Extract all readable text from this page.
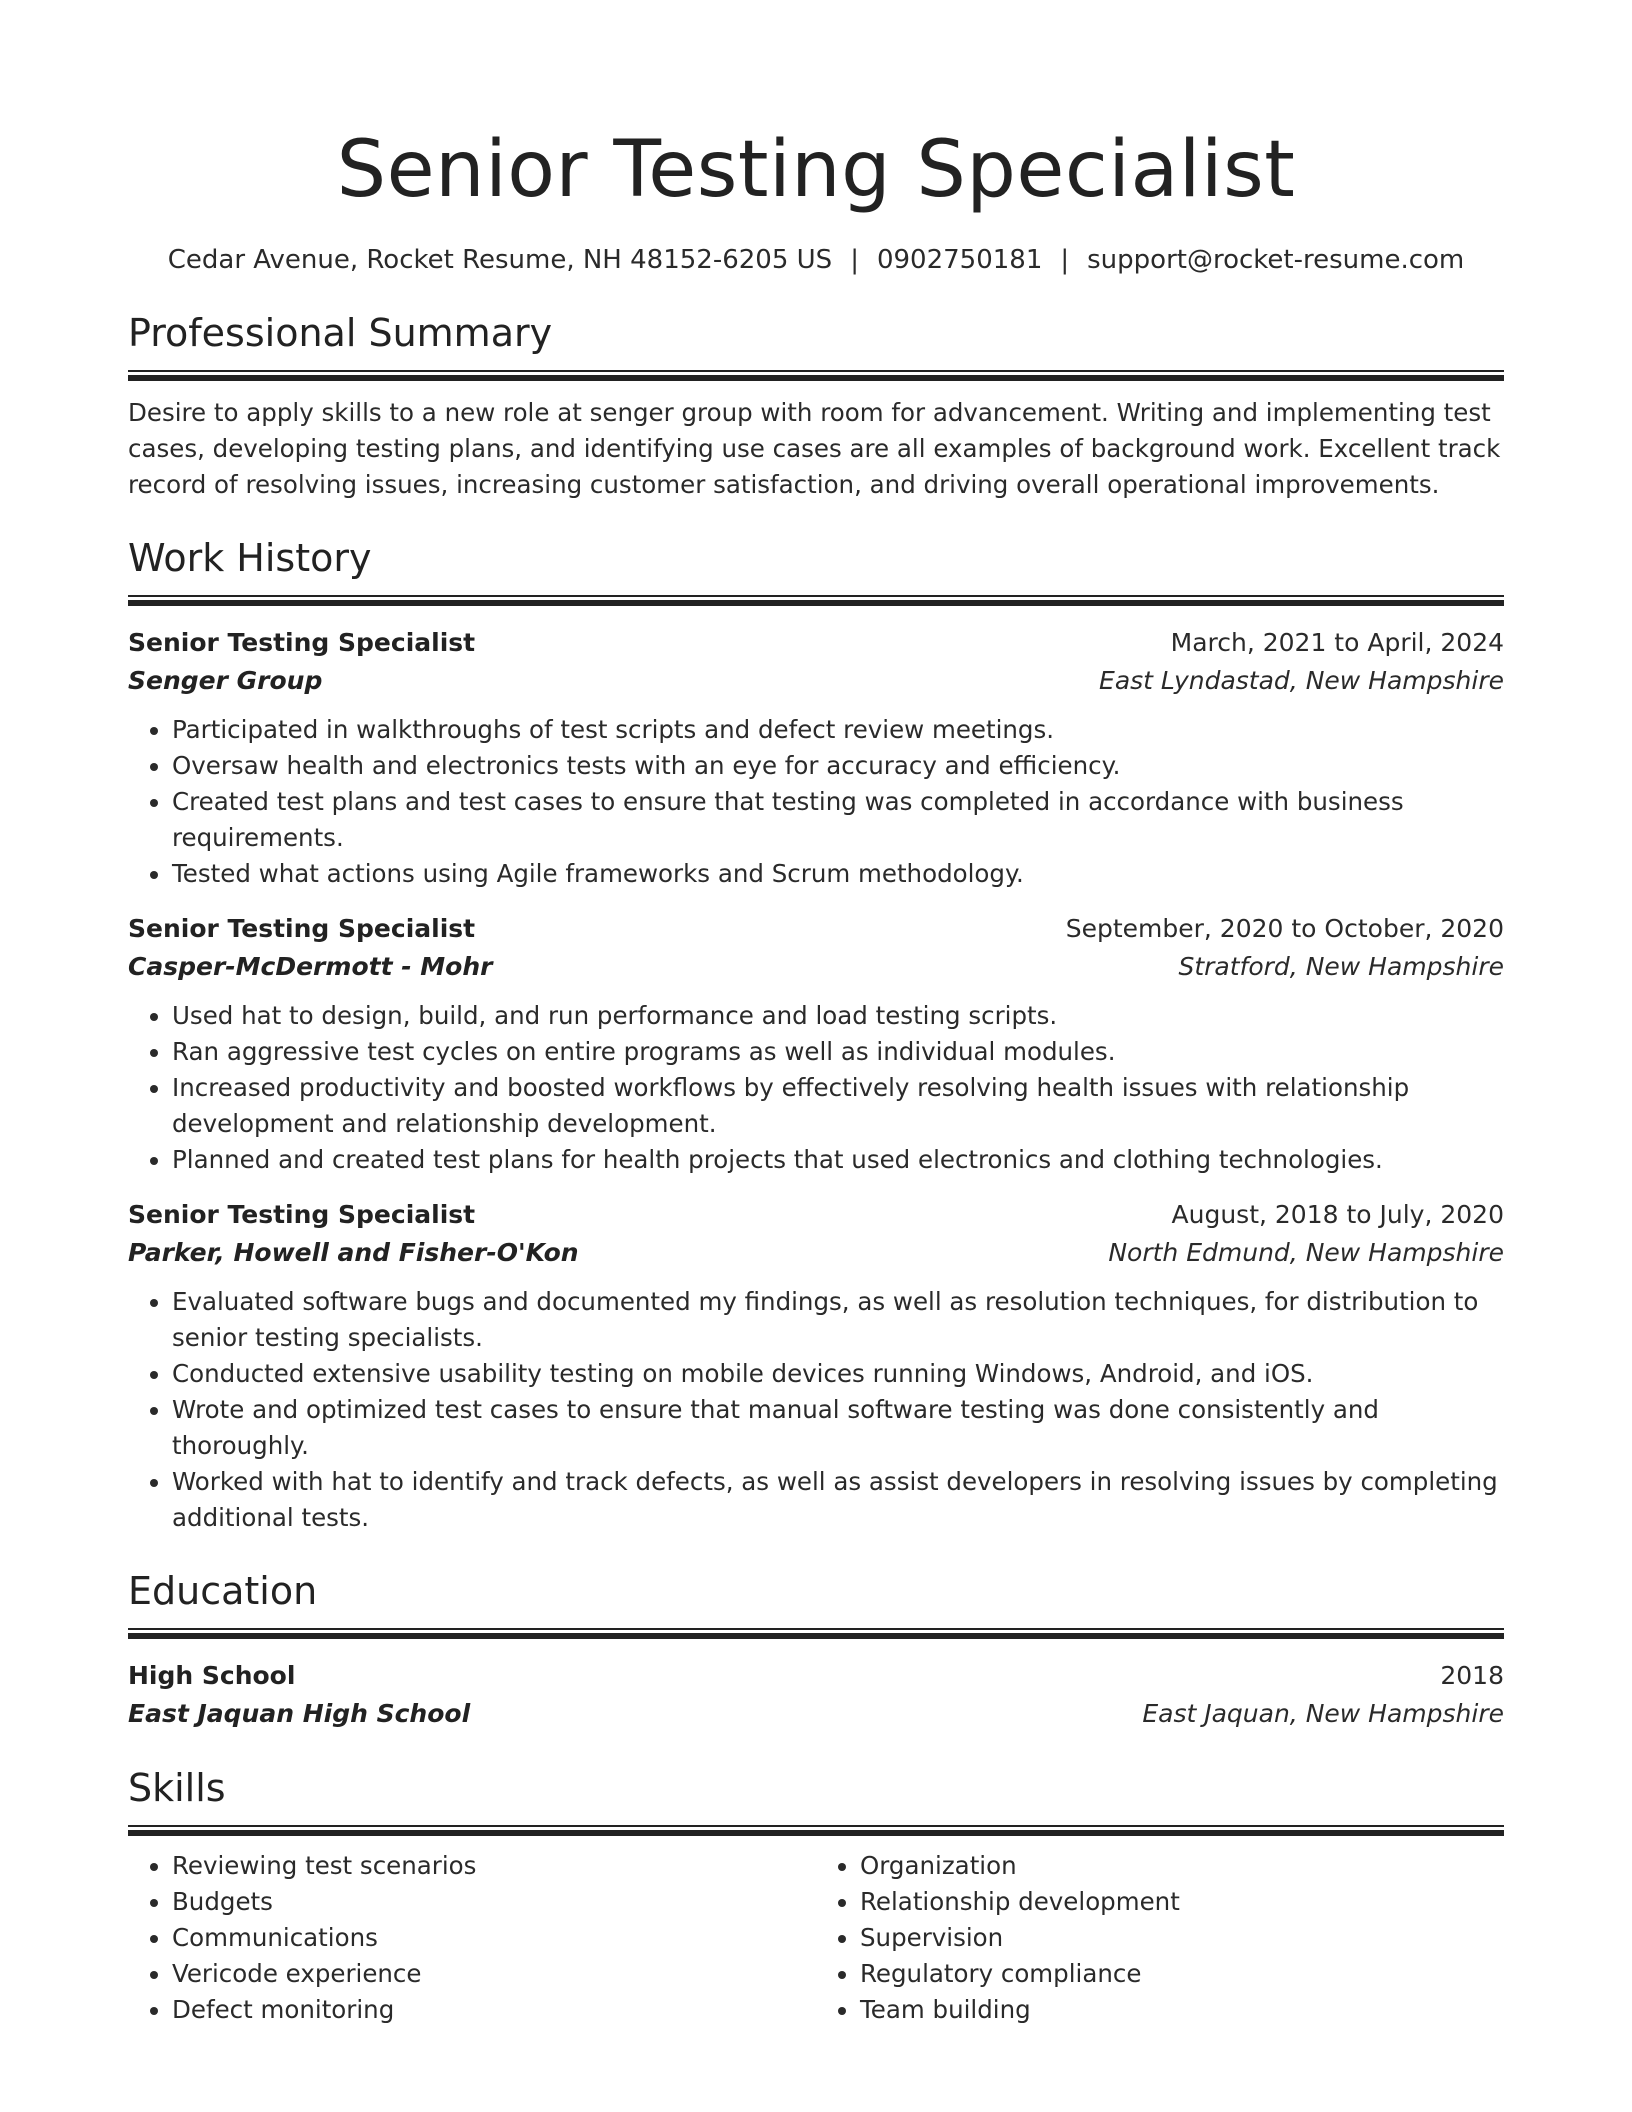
Senior Testing Specialist
Cedar Avenue, Rocket Resume, NH 48152-6205 US | 0902750181 | support@rocket-resume.com
Professional Summary

Desire to apply skills to a new role at senger group with room for advancement. Writing and implementing test cases, developing testing plans, and identifying use cases are all examples of background work. Excellent track record of resolving issues, increasing customer satisfaction, and driving overall operational improvements.

Work History
Senior Testing Specialist	March, 2021 to April, 2024
Senger Group	East Lyndastad, New Hampshire
• Participated in walkthroughs of test scripts and defect review meetings.
• Oversaw health and electronics tests with an eye for accuracy and efficiency.
• Created test plans and test cases to ensure that testing was completed in accordance with business requirements.
• Tested what actions using Agile frameworks and Scrum methodology.
Senior Testing Specialist	September, 2020 to October, 2020
Casper-McDermott - Mohr	Stratford, New Hampshire
• Used hat to design, build, and run performance and load testing scripts.
• Ran aggressive test cycles on entire programs as well as individual modules.
• Increased productivity and boosted workflows by effectively resolving health issues with relationship development and relationship development.
• Planned and created test plans for health projects that used electronics and clothing technologies.
Senior Testing Specialist	August, 2018 to July, 2020
Parker, Howell and Fisher-O'Kon	North Edmund, New Hampshire
• Evaluated software bugs and documented my findings, as well as resolution techniques, for distribution to senior testing specialists.
• Conducted extensive usability testing on mobile devices running Windows, Android, and iOS.
• Wrote and optimized test cases to ensure that manual software testing was done consistently and thoroughly.
• Worked with hat to identify and track defects, as well as assist developers in resolving issues by completing additional tests.
Education
High School	2018
East Jaquan High School	East Jaquan, New Hampshire
Skills
• Reviewing test scenarios
• Budgets
• Communications
• Vericode experience
• Defect monitoring
• Organization
• Relationship development
• Supervision
• Regulatory compliance
• Team building
